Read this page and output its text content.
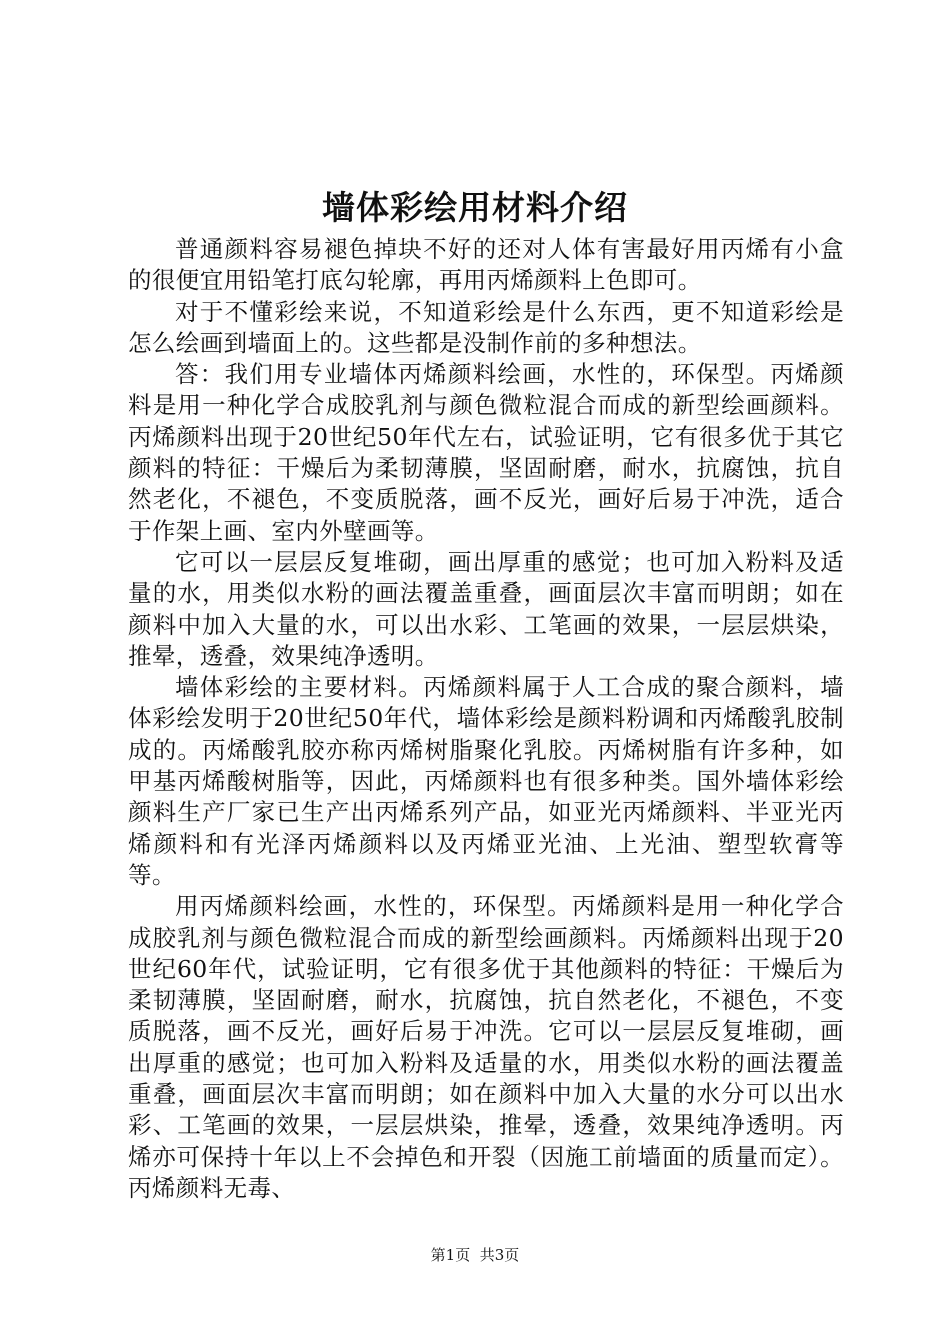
墙体彩绘用材料介绍

普通颜料容易褪色掉块不好的还对人体有害最好用丙烯有小盒的很便宜用铅笔打底勾轮廓，再用丙烯颜料上色即可。

对于不懂彩绘来说，不知道彩绘是什么东西，更不知道彩绘是怎么绘画到墙面上的。这些都是没制作前的多种想法。

答：我们用专业墙体丙烯颜料绘画，水性的，环保型。丙烯颜料是用一种化学合成胶乳剂与颜色微粒混合而成的新型绘画颜料。丙烯颜料出现于20世纪50年代左右，试验证明，它有很多优于其它颜料的特征：干燥后为柔韧薄膜，坚固耐磨，耐水，抗腐蚀，抗自然老化，不褪色，不变质脱落，画不反光，画好后易于冲洗，适合于作架上画、室内外壁画等。

它可以一层层反复堆砌，画出厚重的感觉；也可加入粉料及适量的水，用类似水粉的画法覆盖重叠，画面层次丰富而明朗；如在颜料中加入大量的水，可以出水彩、工笔画的效果，一层层烘染，推晕，透叠，效果纯净透明。

墙体彩绘的主要材料。丙烯颜料属于人工合成的聚合颜料，墙体彩绘发明于20世纪50年代，墙体彩绘是颜料粉调和丙烯酸乳胶制成的。丙烯酸乳胶亦称丙烯树脂聚化乳胶。丙烯树脂有许多种，如甲基丙烯酸树脂等，因此，丙烯颜料也有很多种类。国外墙体彩绘颜料生产厂家已生产出丙烯系列产品，如亚光丙烯颜料、半亚光丙烯颜料和有光泽丙烯颜料以及丙烯亚光油、上光油、塑型软膏等等。

用丙烯颜料绘画，水性的，环保型。丙烯颜料是用一种化学合成胶乳剂与颜色微粒混合而成的新型绘画颜料。丙烯颜料出现于20世纪60年代，试验证明，它有很多优于其他颜料的特征：干燥后为柔韧薄膜，坚固耐磨，耐水，抗腐蚀，抗自然老化，不褪色，不变质脱落，画不反光，画好后易于冲洗。它可以一层层反复堆砌，画出厚重的感觉；也可加入粉料及适量的水，用类似水粉的画法覆盖重叠，画面层次丰富而明朗；如在颜料中加入大量的水分可以出水彩、工笔画的效果，一层层烘染，推晕，透叠，效果纯净透明。丙烯亦可保持十年以上不会掉色和开裂（因施工前墙面的质量而定）。丙烯颜料无毒、

第1页 共3页
